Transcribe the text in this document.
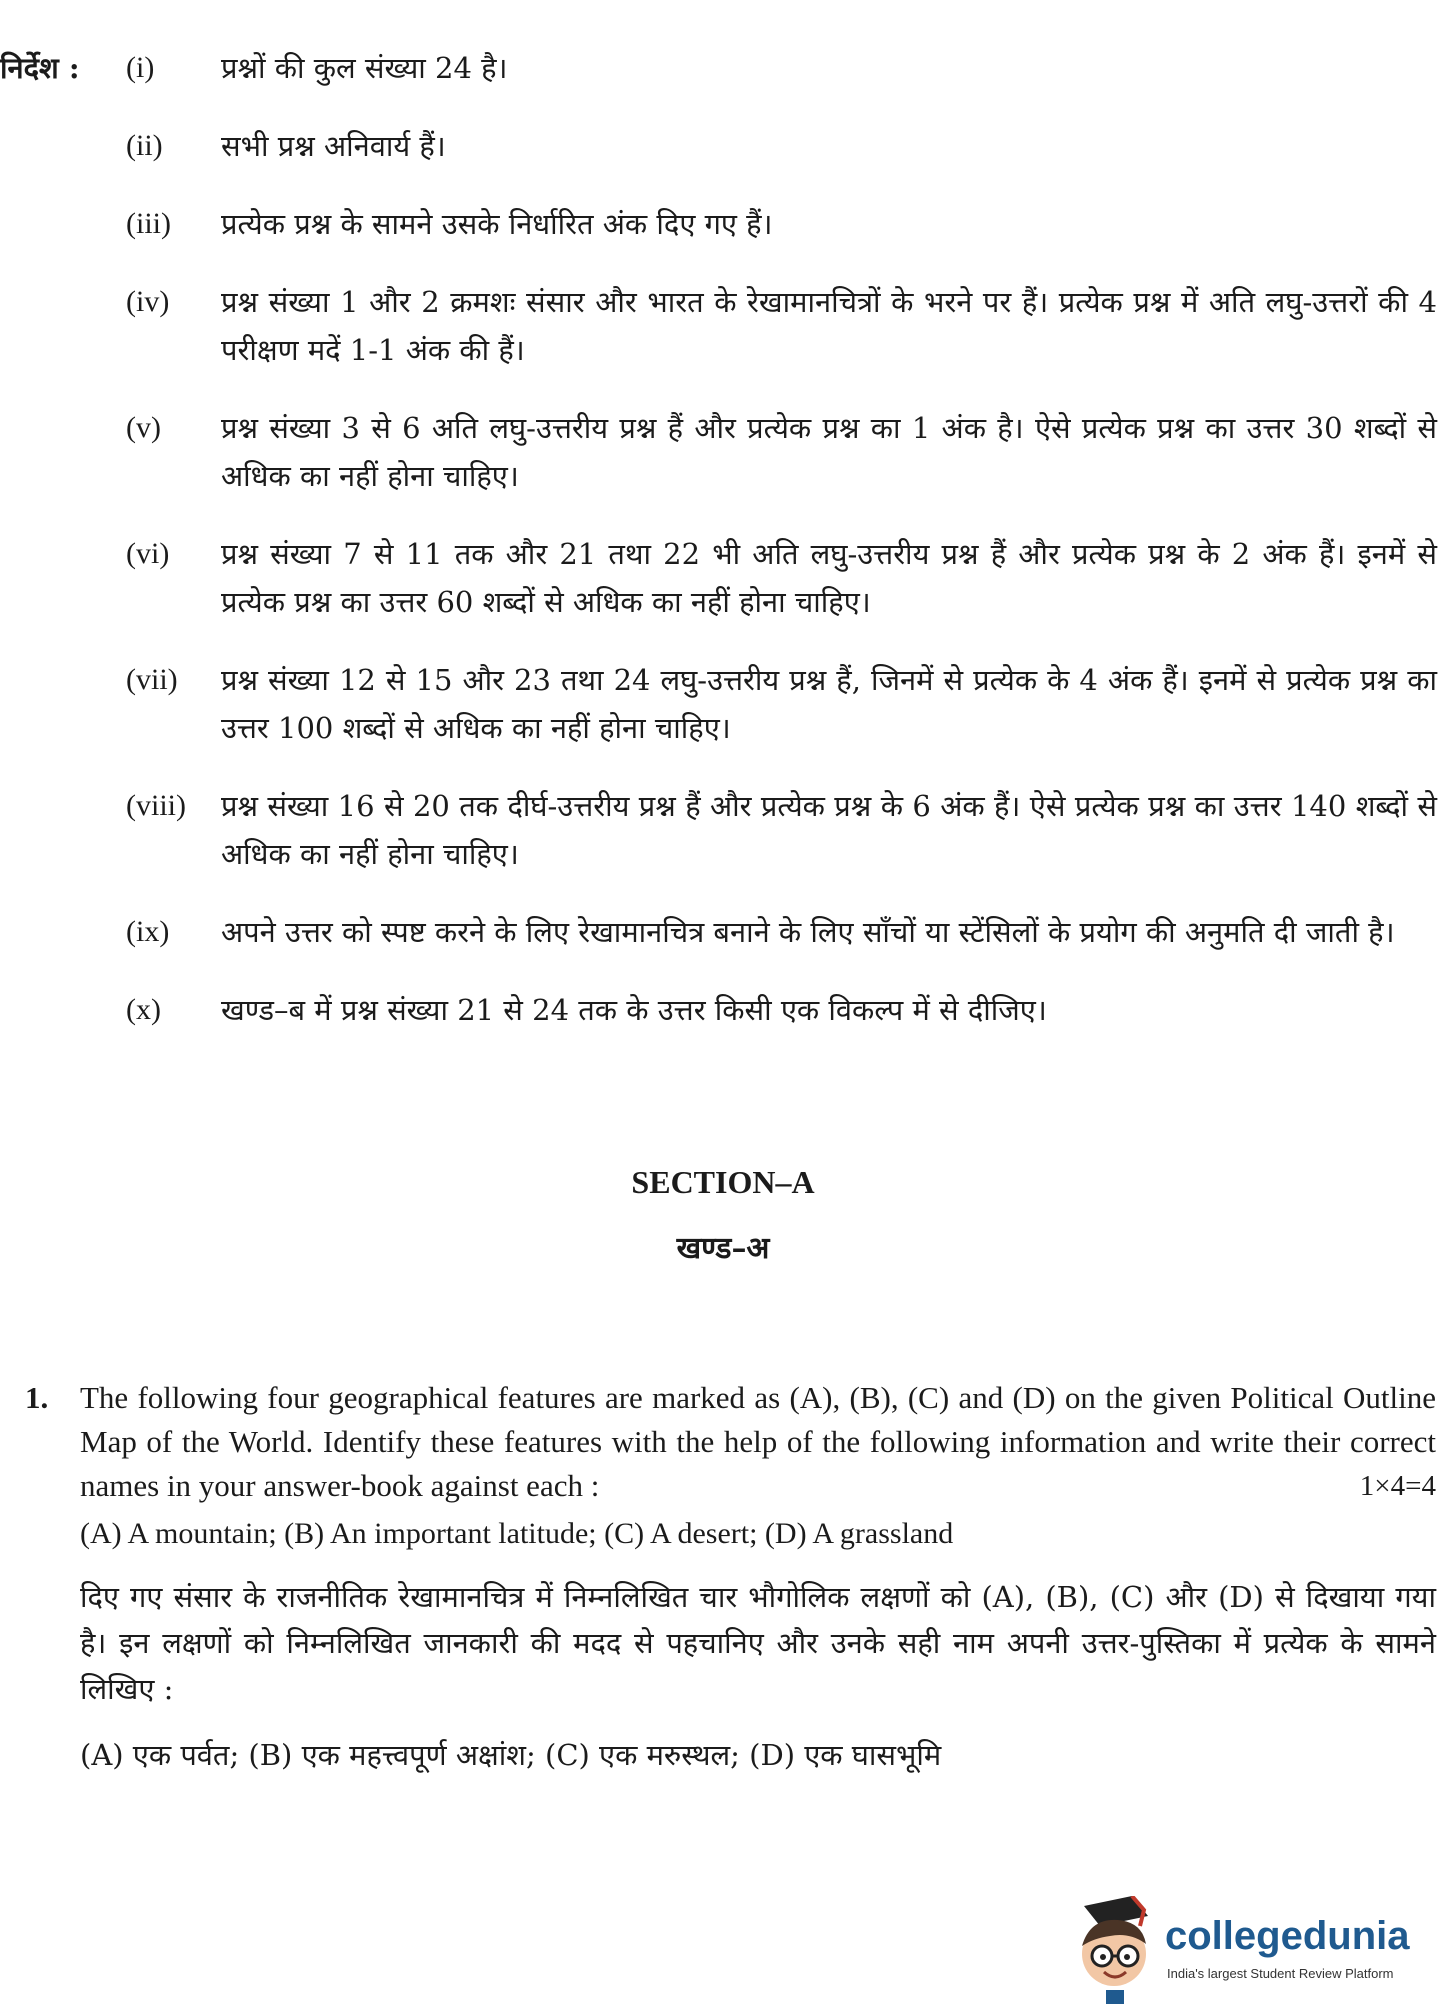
निर्देश : (i) प्रश्नों की कुल संख्या 24 है।
(ii) सभी प्रश्न अनिवार्य हैं।
(iii) प्रत्येक प्रश्न के सामने उसके निर्धारित अंक दिए गए हैं।
(iv) प्रश्न संख्या 1 और 2 क्रमशः संसार और भारत के रेखामानचित्रों के भरने पर हैं। प्रत्येक प्रश्न में अति लघु-उत्तरों की 4 परीक्षण मदें 1-1 अंक की हैं।
(v) प्रश्न संख्या 3 से 6 अति लघु-उत्तरीय प्रश्न हैं और प्रत्येक प्रश्न का 1 अंक है। ऐसे प्रत्येक प्रश्न का उत्तर 30 शब्दों से अधिक का नहीं होना चाहिए।
(vi) प्रश्न संख्या 7 से 11 तक और 21 तथा 22 भी अति लघु-उत्तरीय प्रश्न हैं और प्रत्येक प्रश्न के 2 अंक हैं। इनमें से प्रत्येक प्रश्न का उत्तर 60 शब्दों से अधिक का नहीं होना चाहिए।
(vii) प्रश्न संख्या 12 से 15 और 23 तथा 24 लघु-उत्तरीय प्रश्न हैं, जिनमें से प्रत्येक के 4 अंक हैं। इनमें से प्रत्येक प्रश्न का उत्तर 100 शब्दों से अधिक का नहीं होना चाहिए।
(viii) प्रश्न संख्या 16 से 20 तक दीर्घ-उत्तरीय प्रश्न हैं और प्रत्येक प्रश्न के 6 अंक हैं। ऐसे प्रत्येक प्रश्न का उत्तर 140 शब्दों से अधिक का नहीं होना चाहिए।
(ix) अपने उत्तर को स्पष्ट करने के लिए रेखामानचित्र बनाने के लिए साँचों या स्टेंसिलों के प्रयोग की अनुमति दी जाती है।
(x) खण्ड–ब में प्रश्न संख्या 21 से 24 तक के उत्तर किसी एक विकल्प में से दीजिए।
SECTION–A
खण्ड–अ
1. The following four geographical features are marked as (A), (B), (C) and (D) on the given Political Outline Map of the World. Identify these features with the help of the following information and write their correct names in your answer-book against each :	1×4=4
(A) A mountain; (B) An important latitude; (C) A desert; (D) A grassland
दिए गए संसार के राजनीतिक रेखामानचित्र में निम्नलिखित चार भौगोलिक लक्षणों को (A), (B), (C) और (D) से दिखाया गया है। इन लक्षणों को निम्नलिखित जानकारी की मदद से पहचानिए और उनके सही नाम अपनी उत्तर-पुस्तिका में प्रत्येक के सामने लिखिए :
(A) एक पर्वत; (B) एक महत्त्वपूर्ण अक्षांश; (C) एक मरुस्थल; (D) एक घासभूमि
collegedunia
India's largest Student Review Platform
